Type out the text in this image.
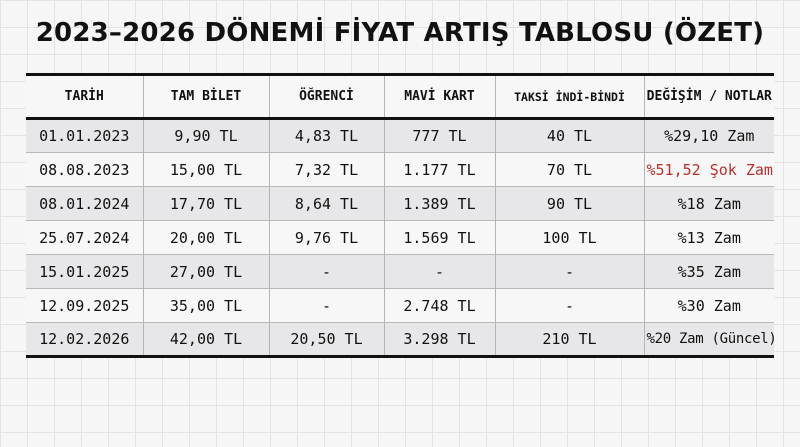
2023–2026 DÖNEMİ FİYAT ARTIŞ TABLOSU (ÖZET)
TARİH	TAM BİLET	ÖĞRENCİ	MAVİ KART	TAKSİ İNDİ-BİNDİ	DEĞİŞİM / NOTLAR
01.01.2023	9,90 TL	4,83 TL	777 TL	40 TL	%29,10 Zam
08.08.2023	15,00 TL	7,32 TL	1.177 TL	70 TL	%51,52 Şok Zam
08.01.2024	17,70 TL	8,64 TL	1.389 TL	90 TL	%18 Zam
25.07.2024	20,00 TL	9,76 TL	1.569 TL	100 TL	%13 Zam
15.01.2025	27,00 TL	-	-	-	%35 Zam
12.09.2025	35,00 TL	-	2.748 TL	-	%30 Zam
12.02.2026	42,00 TL	20,50 TL	3.298 TL	210 TL	%20 Zam (Güncel)
